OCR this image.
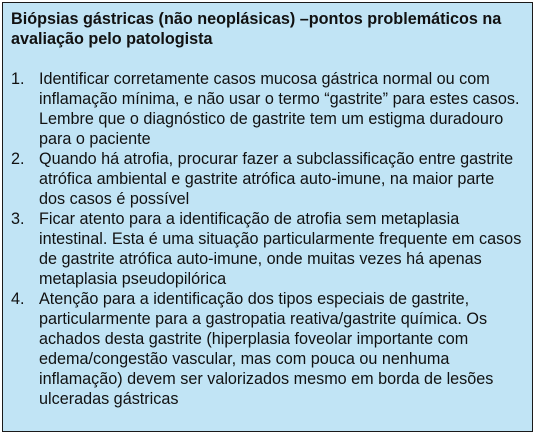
Biópsias gástricas (não neoplásicas) –pontos problemáticos na avaliação pelo patologista
1. Identificar corretamente casos mucosa gástrica normal ou com inflamação mínima, e não usar o termo “gastrite” para estes casos. Lembre que o diagnóstico de gastrite tem um estigma duradouro para o paciente
2. Quando há atrofia, procurar fazer a subclassificação entre gastrite atrófica ambiental e gastrite atrófica auto-imune, na maior parte dos casos é possível
3. Ficar atento para a identificação de atrofia sem metaplasia intestinal. Esta é uma situação particularmente frequente em casos de gastrite atrófica auto-imune, onde muitas vezes há apenas metaplasia pseudopilórica
4. Atenção para a identificação dos tipos especiais de gastrite, particularmente para a gastropatia reativa/gastrite química. Os achados desta gastrite (hiperplasia foveolar importante com edema/congestão vascular, mas com pouca ou nenhuma inflamação) devem ser valorizados mesmo em borda de lesões ulceradas gástricas
